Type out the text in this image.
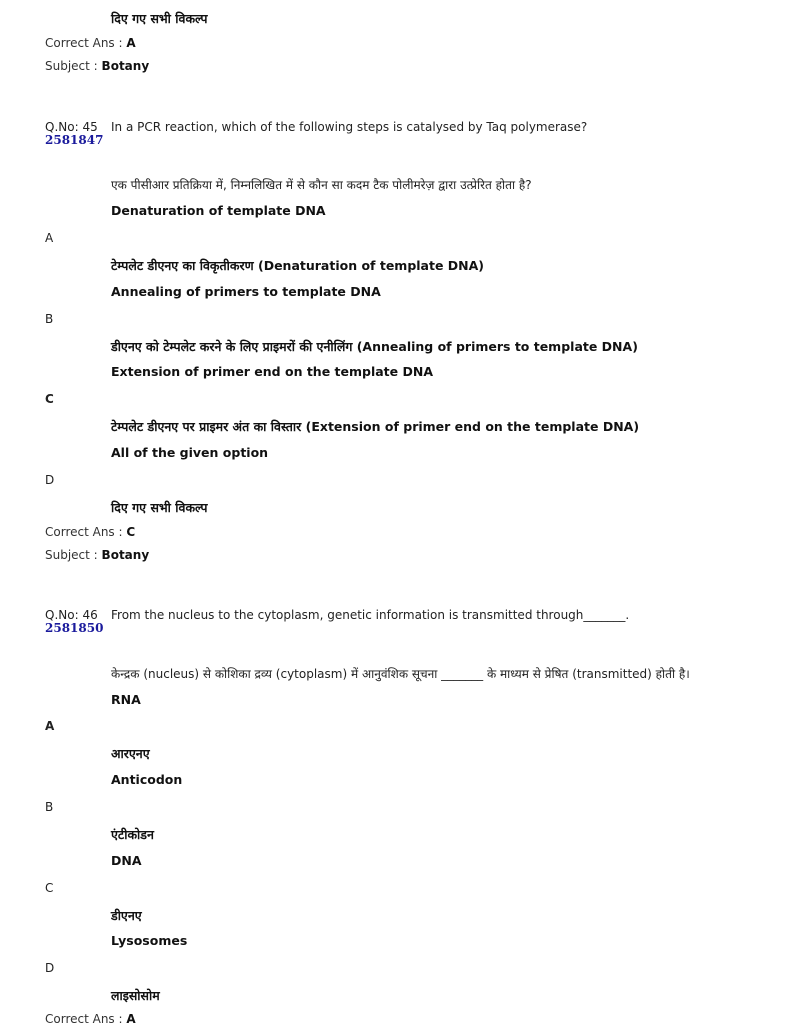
दिए गए सभी विकल्प
Correct Ans : A
Subject : Botany
Q.No: 45
2581847
In a PCR reaction, which of the following steps is catalysed by Taq polymerase?
एक पीसीआर प्रतिक्रिया में, निम्नलिखित में से कौन सा कदम टैक पोलीमरेज़ द्वारा उत्प्रेरित होता है?
Denaturation of template DNA
A
टेम्पलेट डीएनए का विकृतीकरण (Denaturation of template DNA)
Annealing of primers to template DNA
B
डीएनए को टेम्पलेट करने के लिए प्राइमरों की एनीलिंग (Annealing of primers to template DNA)
Extension of primer end on the template DNA
C
टेम्पलेट डीएनए पर प्राइमर अंत का विस्तार (Extension of primer end on the template DNA)
All of the given option
D
दिए गए सभी विकल्प
Correct Ans : C
Subject : Botany
Q.No: 46
2581850
From the nucleus to the cytoplasm, genetic information is transmitted through_______.
केन्द्रक (nucleus) से कोशिका द्रव्य (cytoplasm) में आनुवंशिक सूचना _______ के माध्यम से प्रेषित (transmitted) होती है।
RNA
A
आरएनए
Anticodon
B
एंटीकोडन
DNA
C
डीएनए
Lysosomes
D
लाइसोसोम
Correct Ans : A
